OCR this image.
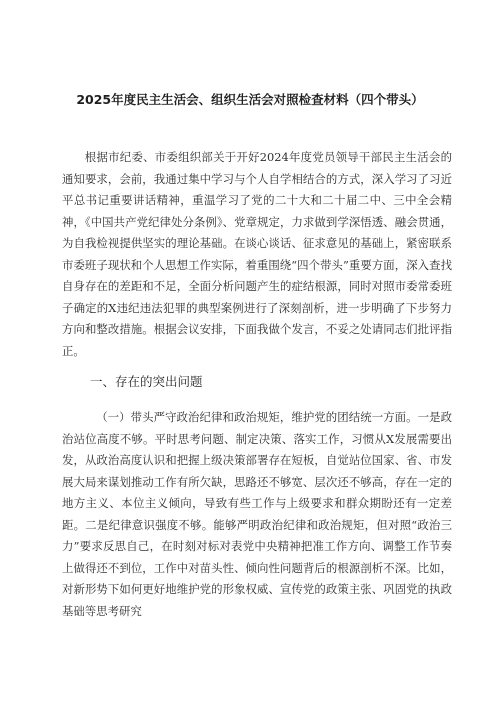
2025年度民主生活会、组织生活会对照检查材料（四个带头）

根据市纪委、市委组织部关于开好2024年度党员领导干部民主生活会的通知要求，会前，我通过集中学习与个人自学相结合的方式，深入学习了习近平总书记重要讲话精神，重温学习了党的二十大和二十届二中、三中全会精神，《中国共产党纪律处分条例》、党章规定，力求做到学深悟透、融会贯通，为自我检视提供坚实的理论基础。在谈心谈话、征求意见的基础上，紧密联系市委班子现状和个人思想工作实际，着重围绕“四个带头”重要方面，深入查找自身存在的差距和不足，全面分析问题产生的症结根源，同时对照市委常委班子确定的X违纪违法犯罪的典型案例进行了深刻剖析，进一步明确了下步努力方向和整改措施。根据会议安排，下面我做个发言，不妥之处请同志们批评指正。

一、存在的突出问题

（一）带头严守政治纪律和政治规矩，维护党的团结统一方面。一是政治站位高度不够。平时思考问题、制定决策、落实工作，习惯从X发展需要出发，从政治高度认识和把握上级决策部署存在短板，自觉站位国家、省、市发展大局来谋划推动工作有所欠缺，思路还不够宽、层次还不够高，存在一定的地方主义、本位主义倾向，导致有些工作与上级要求和群众期盼还有一定差距。二是纪律意识强度不够。能够严明政治纪律和政治规矩，但对照“政治三力”要求反思自己，在时刻对标对表党中央精神把准工作方向、调整工作节奏上做得还不到位，工作中对苗头性、倾向性问题背后的根源剖析不深。比如，对新形势下如何更好地维护党的形象权威、宣传党的政策主张、巩固党的执政基础等思考研究
